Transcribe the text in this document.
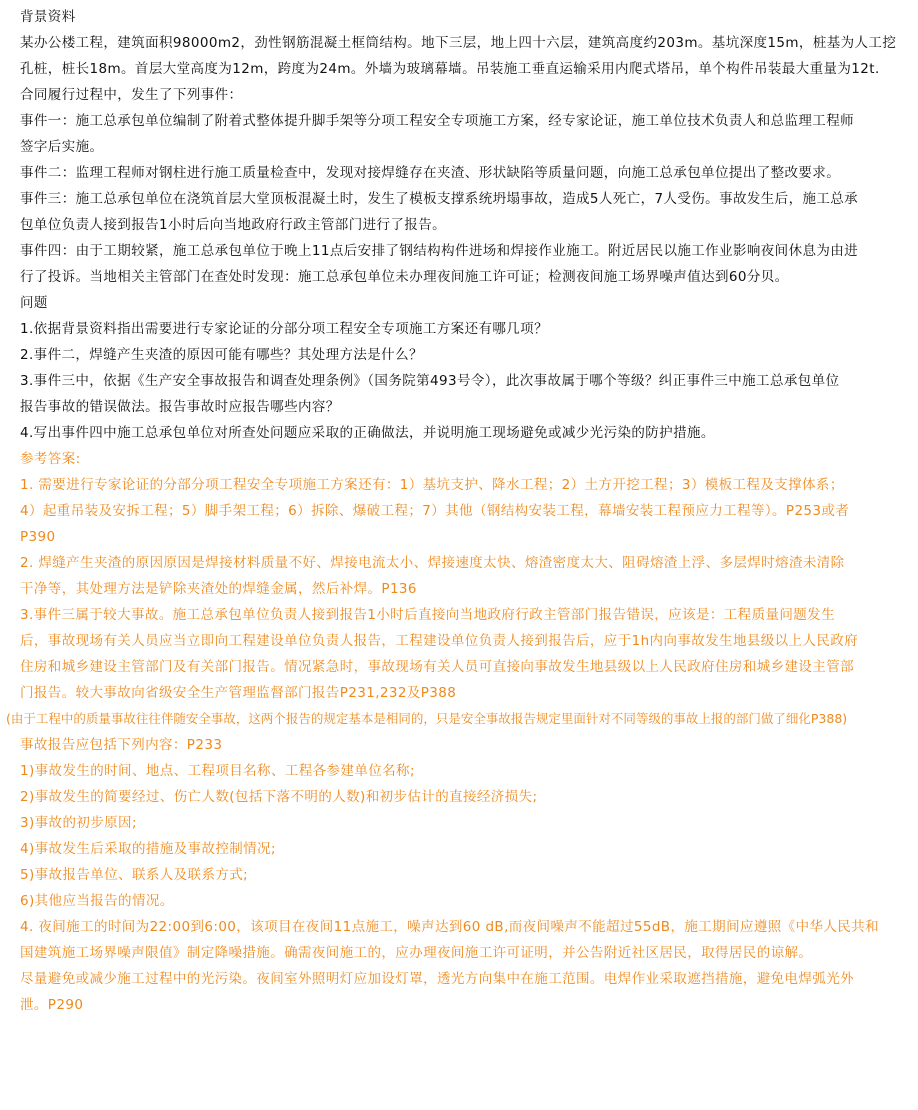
背景资料
某办公楼工程，建筑面积98000m2，劲性钢筋混凝土框筒结构。地下三层，地上四十六层，建筑高度约203m。基坑深度15m，桩基为人工挖
孔桩，桩长18m。首层大堂高度为12m，跨度为24m。外墙为玻璃幕墙。吊装施工垂直运输采用内爬式塔吊，单个构件吊装最大重量为12t.
合同履行过程中，发生了下列事件：
事件一：施工总承包单位编制了附着式整体提升脚手架等分项工程安全专项施工方案，经专家论证，施工单位技术负责人和总监理工程师
签字后实施。
事件二：监理工程师对钢柱进行施工质量检查中，发现对接焊缝存在夹渣、形状缺陷等质量问题，向施工总承包单位提出了整改要求。
事件三：施工总承包单位在浇筑首层大堂顶板混凝土时，发生了模板支撑系统坍塌事故，造成5人死亡，7人受伤。事故发生后，施工总承
包单位负责人接到报告1小时后向当地政府行政主管部门进行了报告。
事件四：由于工期较紧，施工总承包单位于晚上11点后安排了钢结构构件进场和焊接作业施工。附近居民以施工作业影响夜间休息为由进
行了投诉。当地相关主管部门在查处时发现：施工总承包单位未办理夜间施工许可证；检测夜间施工场界噪声值达到60分贝。
问题
1.依据背景资料指出需要进行专家论证的分部分项工程安全专项施工方案还有哪几项？
2.事件二，焊缝产生夹渣的原因可能有哪些？其处理方法是什么？
3.事件三中，依据《生产安全事故报告和调查处理条例》（国务院第493号令），此次事故属于哪个等级？纠正事件三中施工总承包单位
报告事故的错误做法。报告事故时应报告哪些内容？
4.写出事件四中施工总承包单位对所查处问题应采取的正确做法，并说明施工现场避免或减少光污染的防护措施。
参考答案:
1. 需要进行专家论证的分部分项工程安全专项施工方案还有：1）基坑支护、降水工程；2）土方开挖工程；3）模板工程及支撑体系；
4）起重吊装及安拆工程；5）脚手架工程；6）拆除、爆破工程；7）其他（钢结构安装工程，幕墙安装工程预应力工程等）。P253或者
P390
2. 焊缝产生夹渣的原因原因是焊接材料质量不好、焊接电流太小、焊接速度太快、熔渣密度太大、阻碍熔渣上浮、多层焊时熔渣未清除
干净等，其处理方法是铲除夹渣处的焊缝金属，然后补焊。P136
3.事件三属于较大事故。施工总承包单位负责人接到报告1小时后直接向当地政府行政主管部门报告错误，应该是：工程质量问题发生
后，事故现场有关人员应当立即向工程建设单位负责人报告，工程建设单位负责人接到报告后，应于1h内向事故发生地县级以上人民政府
住房和城乡建设主管部门及有关部门报告。情况紧急时，事故现场有关人员可直接向事故发生地县级以上人民政府住房和城乡建设主管部
门报告。较大事故向省级安全生产管理监督部门报告P231,232及P388
(由于工程中的质量事故往往伴随安全事故，这两个报告的规定基本是相同的，只是安全事故报告规定里面针对不同等级的事故上报的部门做了细化P388)
事故报告应包括下列内容：P233
1)事故发生的时间、地点、工程项目名称、工程各参建单位名称;
2)事故发生的简要经过、伤亡人数(包括下落不明的人数)和初步估计的直接经济损失;
3)事故的初步原因;
4)事故发生后采取的措施及事故控制情况;
5)事故报告单位、联系人及联系方式;
6)其他应当报告的情况。
4. 夜间施工的时间为22:00到6:00，该项目在夜间11点施工，噪声达到60 dB,而夜间噪声不能超过55dB，施工期间应遵照《中华人民共和
国建筑施工场界噪声限值》制定降噪措施。确需夜间施工的，应办理夜间施工许可证明，并公告附近社区居民，取得居民的谅解。
尽量避免或减少施工过程中的光污染。夜间室外照明灯应加设灯罩，透光方向集中在施工范围。电焊作业采取遮挡措施，避免电焊弧光外
泄。P290
